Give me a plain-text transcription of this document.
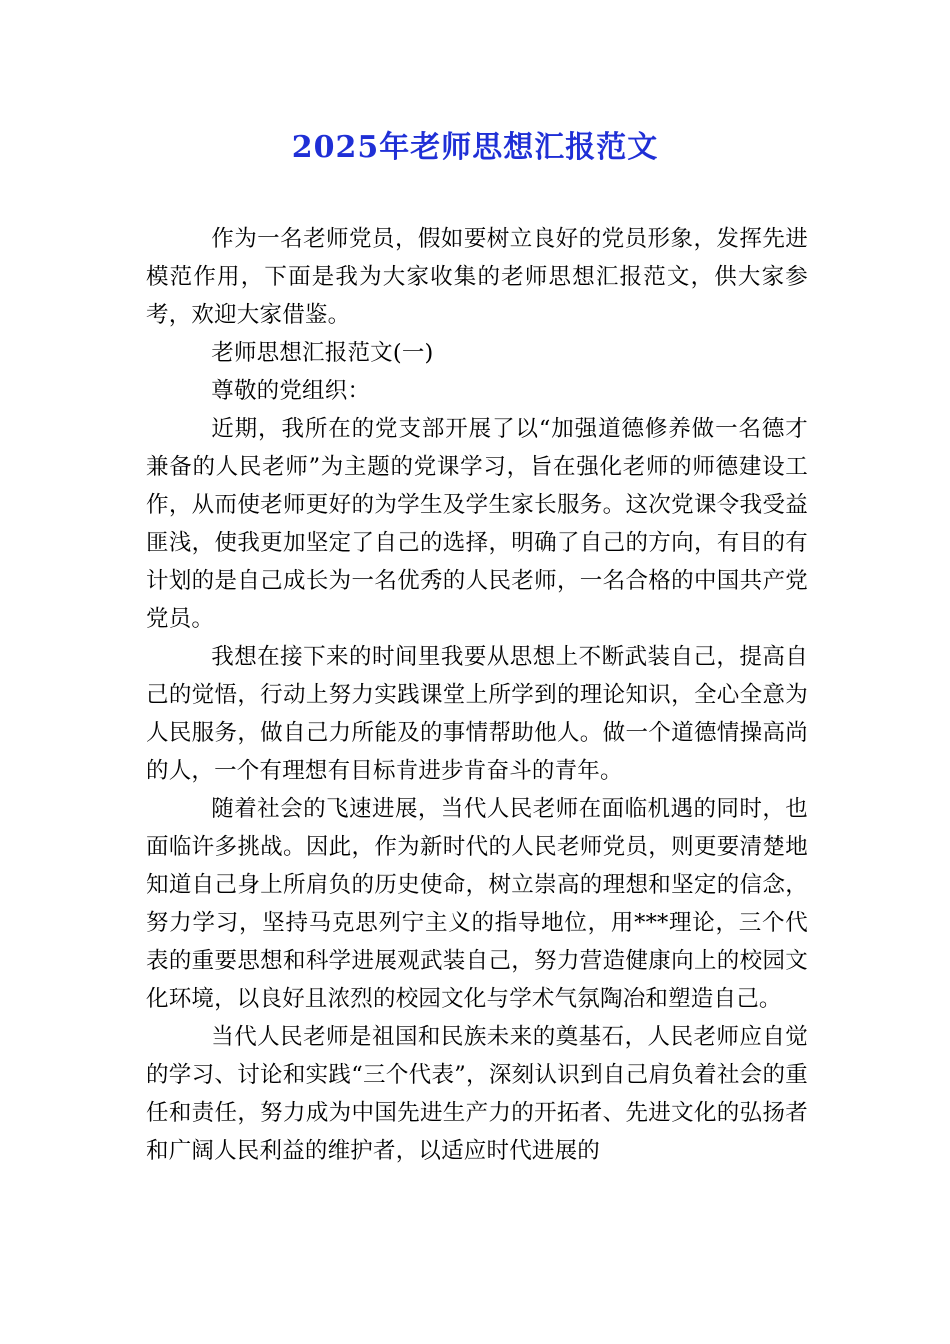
2025年老师思想汇报范文

作为一名老师党员，假如要树立良好的党员形象，发挥先进模范作用，下面是我为大家收集的老师思想汇报范文，供大家参考，欢迎大家借鉴。

老师思想汇报范文(一)

尊敬的党组织：

近期，我所在的党支部开展了以“加强道德修养做一名德才兼备的人民老师”为主题的党课学习，旨在强化老师的师德建设工作，从而使老师更好的为学生及学生家长服务。这次党课令我受益匪浅，使我更加坚定了自己的选择，明确了自己的方向，有目的有计划的是自己成长为一名优秀的人民老师，一名合格的中国共产党党员。

我想在接下来的时间里我要从思想上不断武装自己，提高自己的觉悟，行动上努力实践课堂上所学到的理论知识，全心全意为人民服务，做自己力所能及的事情帮助他人。做一个道德情操高尚的人，一个有理想有目标肯进步肯奋斗的青年。

随着社会的飞速进展，当代人民老师在面临机遇的同时，也面临许多挑战。因此，作为新时代的人民老师党员，则更要清楚地知道自己身上所肩负的历史使命，树立崇高的理想和坚定的信念，努力学习，坚持马克思列宁主义的指导地位，用***理论，三个代表的重要思想和科学进展观武装自己，努力营造健康向上的校园文化环境，以良好且浓烈的校园文化与学术气氛陶冶和塑造自己。

当代人民老师是祖国和民族未来的奠基石，人民老师应自觉的学习、讨论和实践“三个代表”，深刻认识到自己肩负着社会的重任和责任，努力成为中国先进生产力的开拓者、先进文化的弘扬者和广阔人民利益的维护者，以适应时代进展的
